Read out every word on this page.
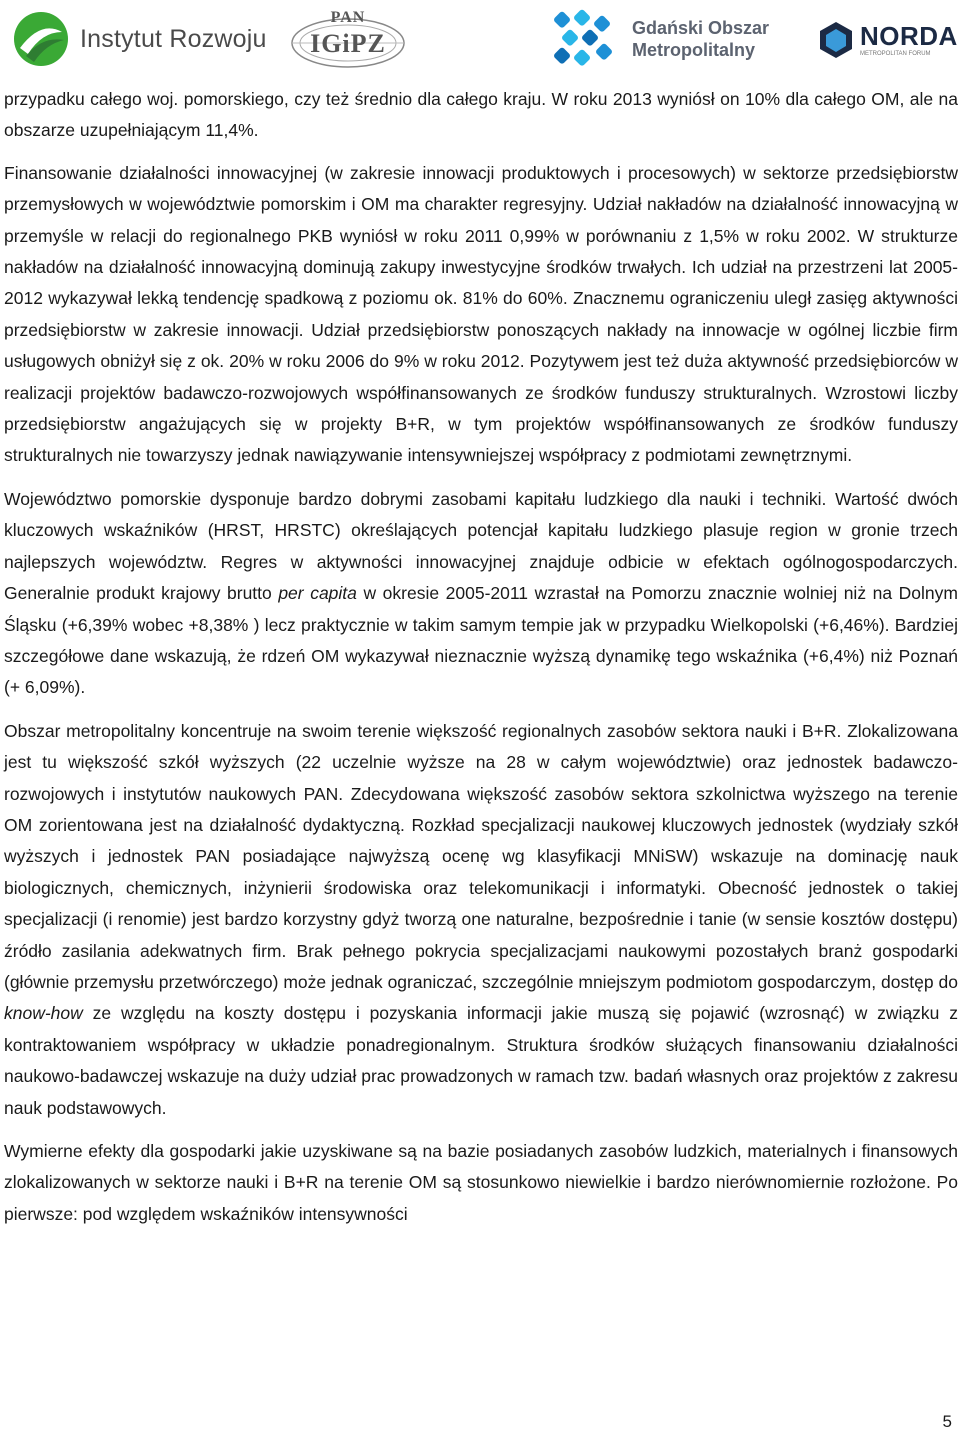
Instytut Rozwoju
PAN
IGiPZ
Gdański Obszar
Metropolitalny	NORDA
METROPOLITAN FORUM

przypadku całego woj. pomorskiego, czy też średnio dla całego kraju. W roku 2013 wyniósł on 10% dla całego OM, ale na obszarze uzupełniającym 11,4%.

Finansowanie działalności innowacyjnej (w zakresie innowacji produktowych i procesowych) w sektorze przedsiębiorstw przemysłowych w województwie pomorskim i OM ma charakter regresyjny. Udział nakładów na działalność innowacyjną w przemyśle w relacji do regionalnego PKB wyniósł w roku 2011 0,99% w porównaniu z 1,5% w roku 2002. W strukturze nakładów na działalność innowacyjną dominują zakupy inwestycyjne środków trwałych. Ich udział na przestrzeni lat 2005-2012 wykazywał lekką tendencję spadkową z poziomu ok. 81% do 60%. Znacznemu ograniczeniu uległ zasięg aktywności przedsiębiorstw w zakresie innowacji. Udział przedsiębiorstw ponoszących nakłady na innowacje w ogólnej liczbie firm usługowych obniżył się z ok. 20% w roku 2006 do 9% w roku 2012. Pozytywem jest też duża aktywność przedsiębiorców w realizacji projektów badawczo-rozwojowych współfinansowanych ze środków funduszy strukturalnych. Wzrostowi liczby przedsiębiorstw angażujących się w projekty B+R, w tym projektów współfinansowanych ze środków funduszy strukturalnych nie towarzyszy jednak nawiązywanie intensywniejszej współpracy z podmiotami zewnętrznymi.

Województwo pomorskie dysponuje bardzo dobrymi zasobami kapitału ludzkiego dla nauki i techniki. Wartość dwóch kluczowych wskaźników (HRST, HRSTC) określających potencjał kapitału ludzkiego plasuje region w gronie trzech najlepszych województw. Regres w aktywności innowacyjnej znajduje odbicie w efektach ogólnogospodarczych. Generalnie produkt krajowy brutto per capita w okresie 2005-2011 wzrastał na Pomorzu znacznie wolniej niż na Dolnym Śląsku (+6,39% wobec +8,38% ) lecz praktycznie w takim samym tempie jak w przypadku Wielkopolski (+6,46%). Bardziej szczegółowe dane wskazują, że rdzeń OM wykazywał nieznacznie wyższą dynamikę tego wskaźnika (+6,4%) niż Poznań (+ 6,09%).

Obszar metropolitalny koncentruje na swoim terenie większość regionalnych zasobów sektora nauki i B+R. Zlokalizowana jest tu większość szkół wyższych (22 uczelnie wyższe na 28 w całym województwie) oraz jednostek badawczo-rozwojowych i instytutów naukowych PAN. Zdecydowana większość zasobów sektora szkolnictwa wyższego na terenie OM zorientowana jest na działalność dydaktyczną. Rozkład specjalizacji naukowej kluczowych jednostek (wydziały szkół wyższych i jednostek PAN posiadające najwyższą ocenę wg klasyfikacji MNiSW) wskazuje na dominację nauk biologicznych, chemicznych, inżynierii środowiska oraz telekomunikacji i informatyki. Obecność jednostek o takiej specjalizacji (i renomie) jest bardzo korzystny gdyż tworzą one naturalne, bezpośrednie i tanie (w sensie kosztów dostępu) źródło zasilania adekwatnych firm. Brak pełnego pokrycia specjalizacjami naukowymi pozostałych branż gospodarki (głównie przemysłu przetwórczego) może jednak ograniczać, szczególnie mniejszym podmiotom gospodarczym, dostęp do know-how ze względu na koszty dostępu i pozyskania informacji jakie muszą się pojawić (wzrosnąć) w związku z kontraktowaniem współpracy w układzie ponadregionalnym. Struktura środków służących finansowaniu działalności naukowo-badawczej wskazuje na duży udział prac prowadzonych w ramach tzw. badań własnych oraz projektów z zakresu nauk podstawowych.

Wymierne efekty dla gospodarki jakie uzyskiwane są na bazie posiadanych zasobów ludzkich, materialnych i finansowych zlokalizowanych w sektorze nauki i B+R na terenie OM są stosunkowo niewielkie i bardzo nierównomiernie rozłożone. Po pierwsze: pod względem wskaźników intensywności

5
